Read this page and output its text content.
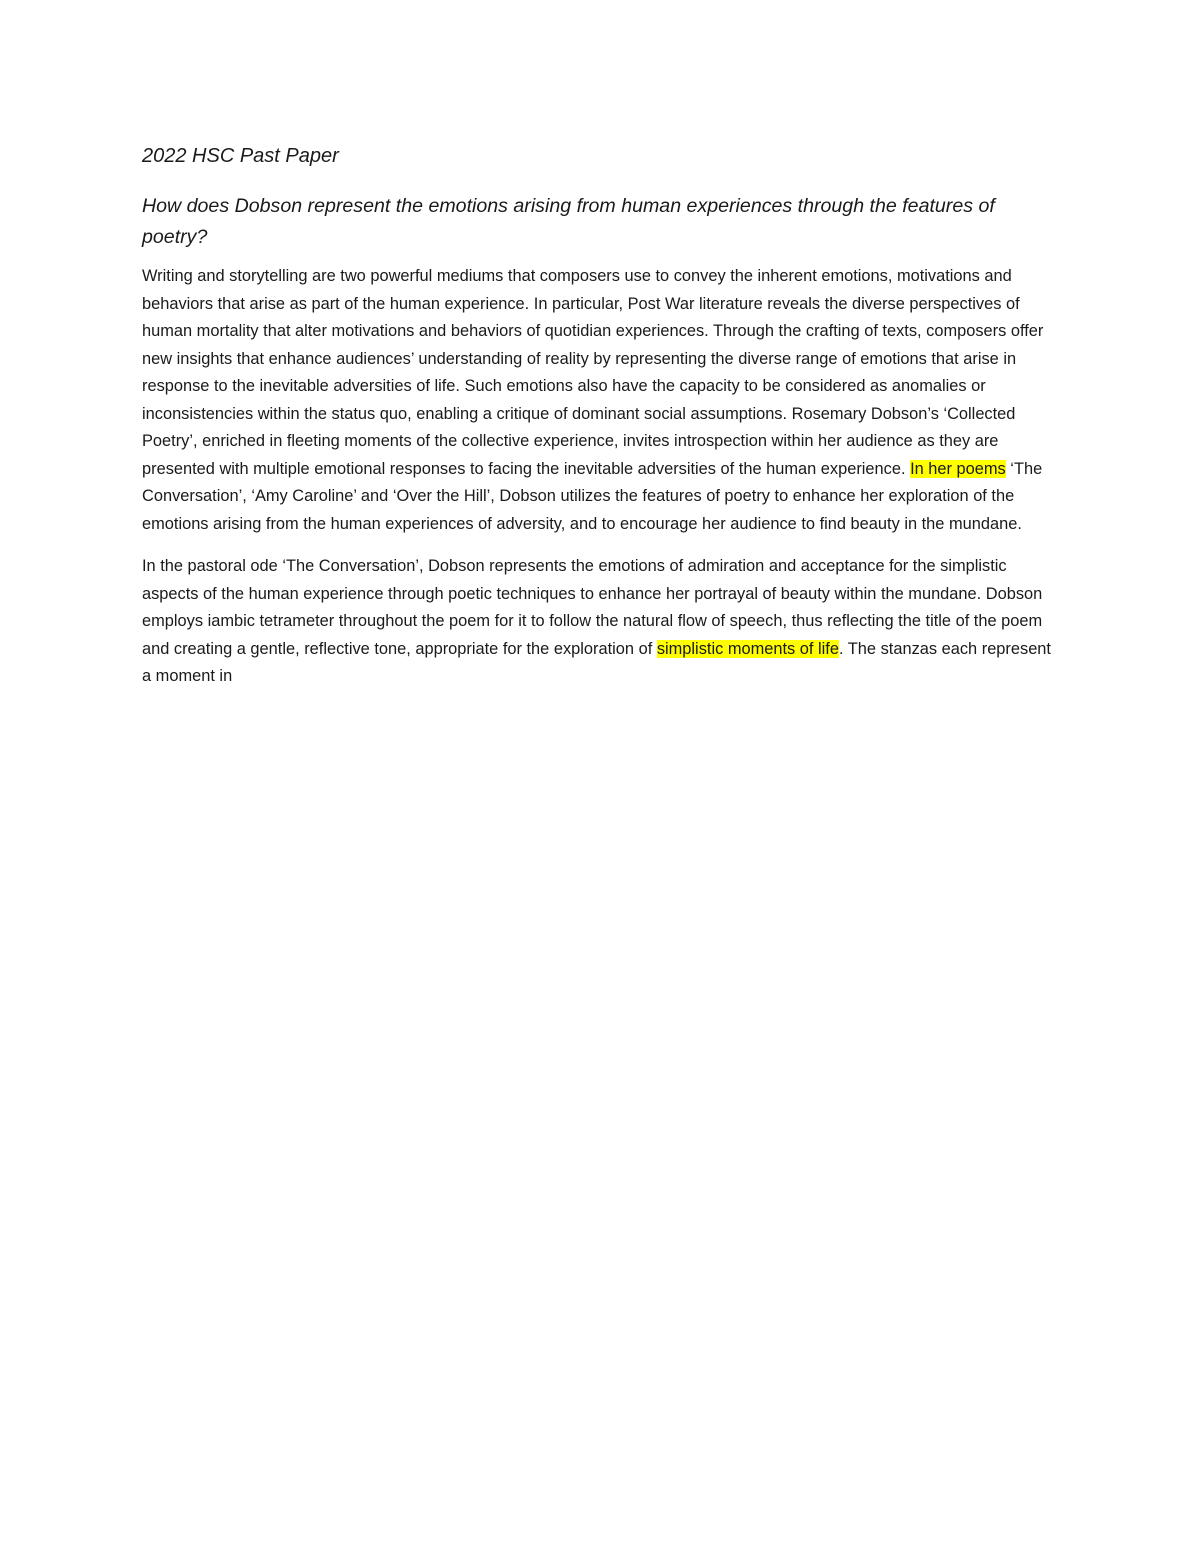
2022 HSC Past Paper
How does Dobson represent the emotions arising from human experiences through the features of poetry?

Writing and storytelling are two powerful mediums that composers use to convey the inherent emotions, motivations and behaviors that arise as part of the human experience. In particular, Post War literature reveals the diverse perspectives of human mortality that alter motivations and behaviors of quotidian experiences. Through the crafting of texts, composers offer new insights that enhance audiences’ understanding of reality by representing the diverse range of emotions that arise in response to the inevitable adversities of life. Such emotions also have the capacity to be considered as anomalies or inconsistencies within the status quo, enabling a critique of dominant social assumptions. Rosemary Dobson’s ‘Collected Poetry’, enriched in fleeting moments of the collective experience, invites introspection within her audience as they are presented with multiple emotional responses to facing the inevitable adversities of the human experience. In her poems ‘The Conversation’, ‘Amy Caroline’ and ‘Over the Hill’, Dobson utilizes the features of poetry to enhance her exploration of the emotions arising from the human experiences of adversity, and to encourage her audience to find beauty in the mundane.

In the pastoral ode ‘The Conversation’, Dobson represents the emotions of admiration and acceptance for the simplistic aspects of the human experience through poetic techniques to enhance her portrayal of beauty within the mundane. Dobson employs iambic tetrameter throughout the poem for it to follow the natural flow of speech, thus reflecting the title of the poem and creating a gentle, reflective tone, appropriate for the exploration of simplistic moments of life. The stanzas each represent a moment in
